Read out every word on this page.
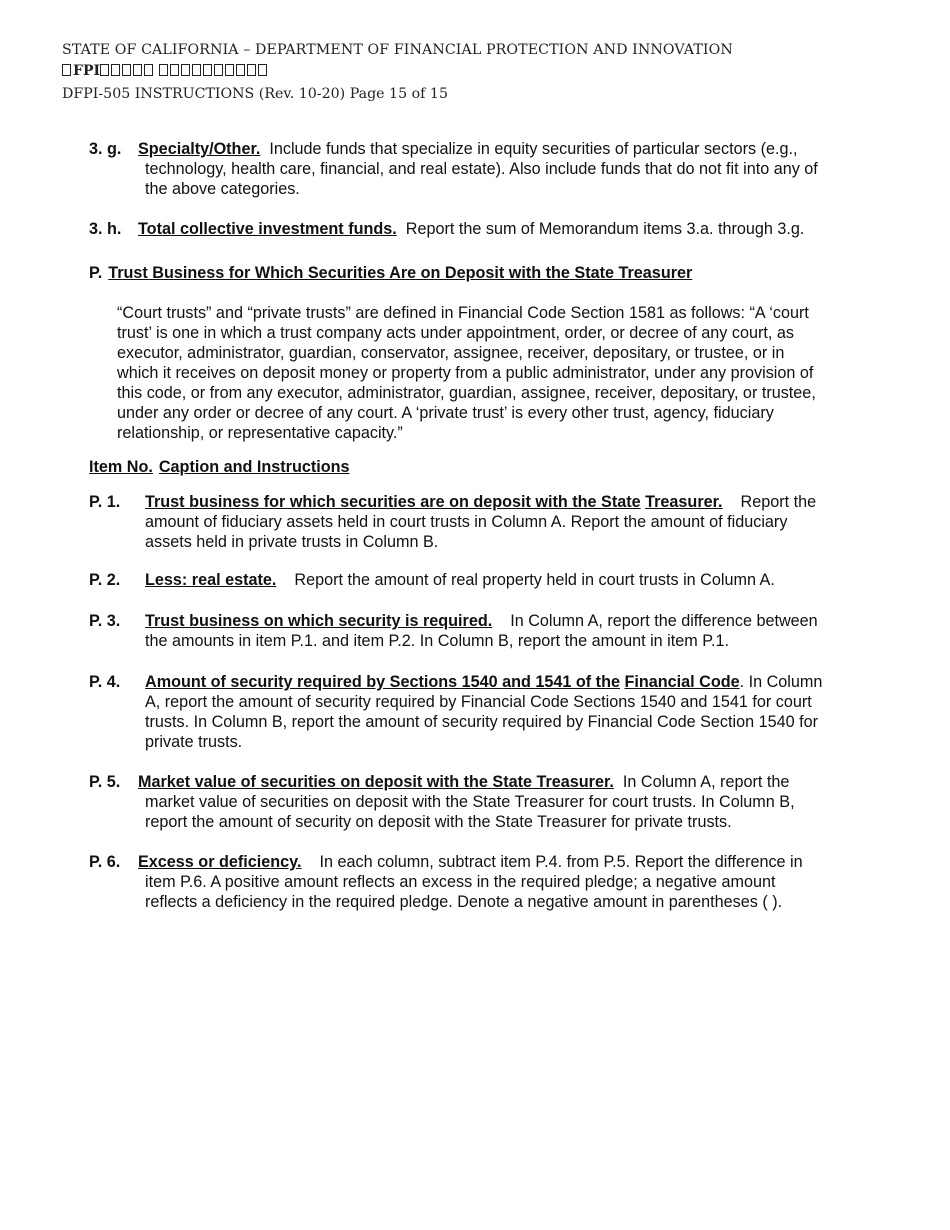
STATE OF CALIFORNIA – DEPARTMENT OF FINANCIAL PROTECTION AND INNOVATION
FPI
DFPI-505 INSTRUCTIONS (Rev. 10-20) Page 15 of 15
3. g. Specialty/Other. Include funds that specialize in equity securities of particular sectors (e.g.,
technology, health care, financial, and real estate). Also include funds that do not fit into any of
the above categories.
3. h. Total collective investment funds. Report the sum of Memorandum items 3.a. through 3.g.
P. Trust Business for Which Securities Are on Deposit with the State Treasurer
“Court trusts” and “private trusts” are defined in Financial Code Section 1581 as follows: “A ‘court
trust’ is one in which a trust company acts under appointment, order, or decree of any court, as
executor, administrator, guardian, conservator, assignee, receiver, depositary, or trustee, or in
which it receives on deposit money or property from a public administrator, under any provision of
this code, or from any executor, administrator, guardian, assignee, receiver, depositary, or trustee,
under any order or decree of any court. A ‘private trust’ is every other trust, agency, fiduciary
relationship, or representative capacity.”
Item No. Caption and Instructions
P. 1. Trust business for which securities are on deposit with the State Treasurer. Report the
amount of fiduciary assets held in court trusts in Column A. Report the amount of fiduciary
assets held in private trusts in Column B.
P. 2. Less: real estate. Report the amount of real property held in court trusts in Column A.
P. 3. Trust business on which security is required. In Column A, report the difference between
the amounts in item P.1. and item P.2. In Column B, report the amount in item P.1.
P. 4. Amount of security required by Sections 1540 and 1541 of the Financial Code. In Column
A, report the amount of security required by Financial Code Sections 1540 and 1541 for court
trusts. In Column B, report the amount of security required by Financial Code Section 1540 for
private trusts.
P. 5. Market value of securities on deposit with the State Treasurer. In Column A, report the
market value of securities on deposit with the State Treasurer for court trusts. In Column B,
report the amount of security on deposit with the State Treasurer for private trusts.
P. 6. Excess or deficiency. In each column, subtract item P.4. from P.5. Report the difference in
item P.6. A positive amount reflects an excess in the required pledge; a negative amount
reflects a deficiency in the required pledge. Denote a negative amount in parentheses ( ).
